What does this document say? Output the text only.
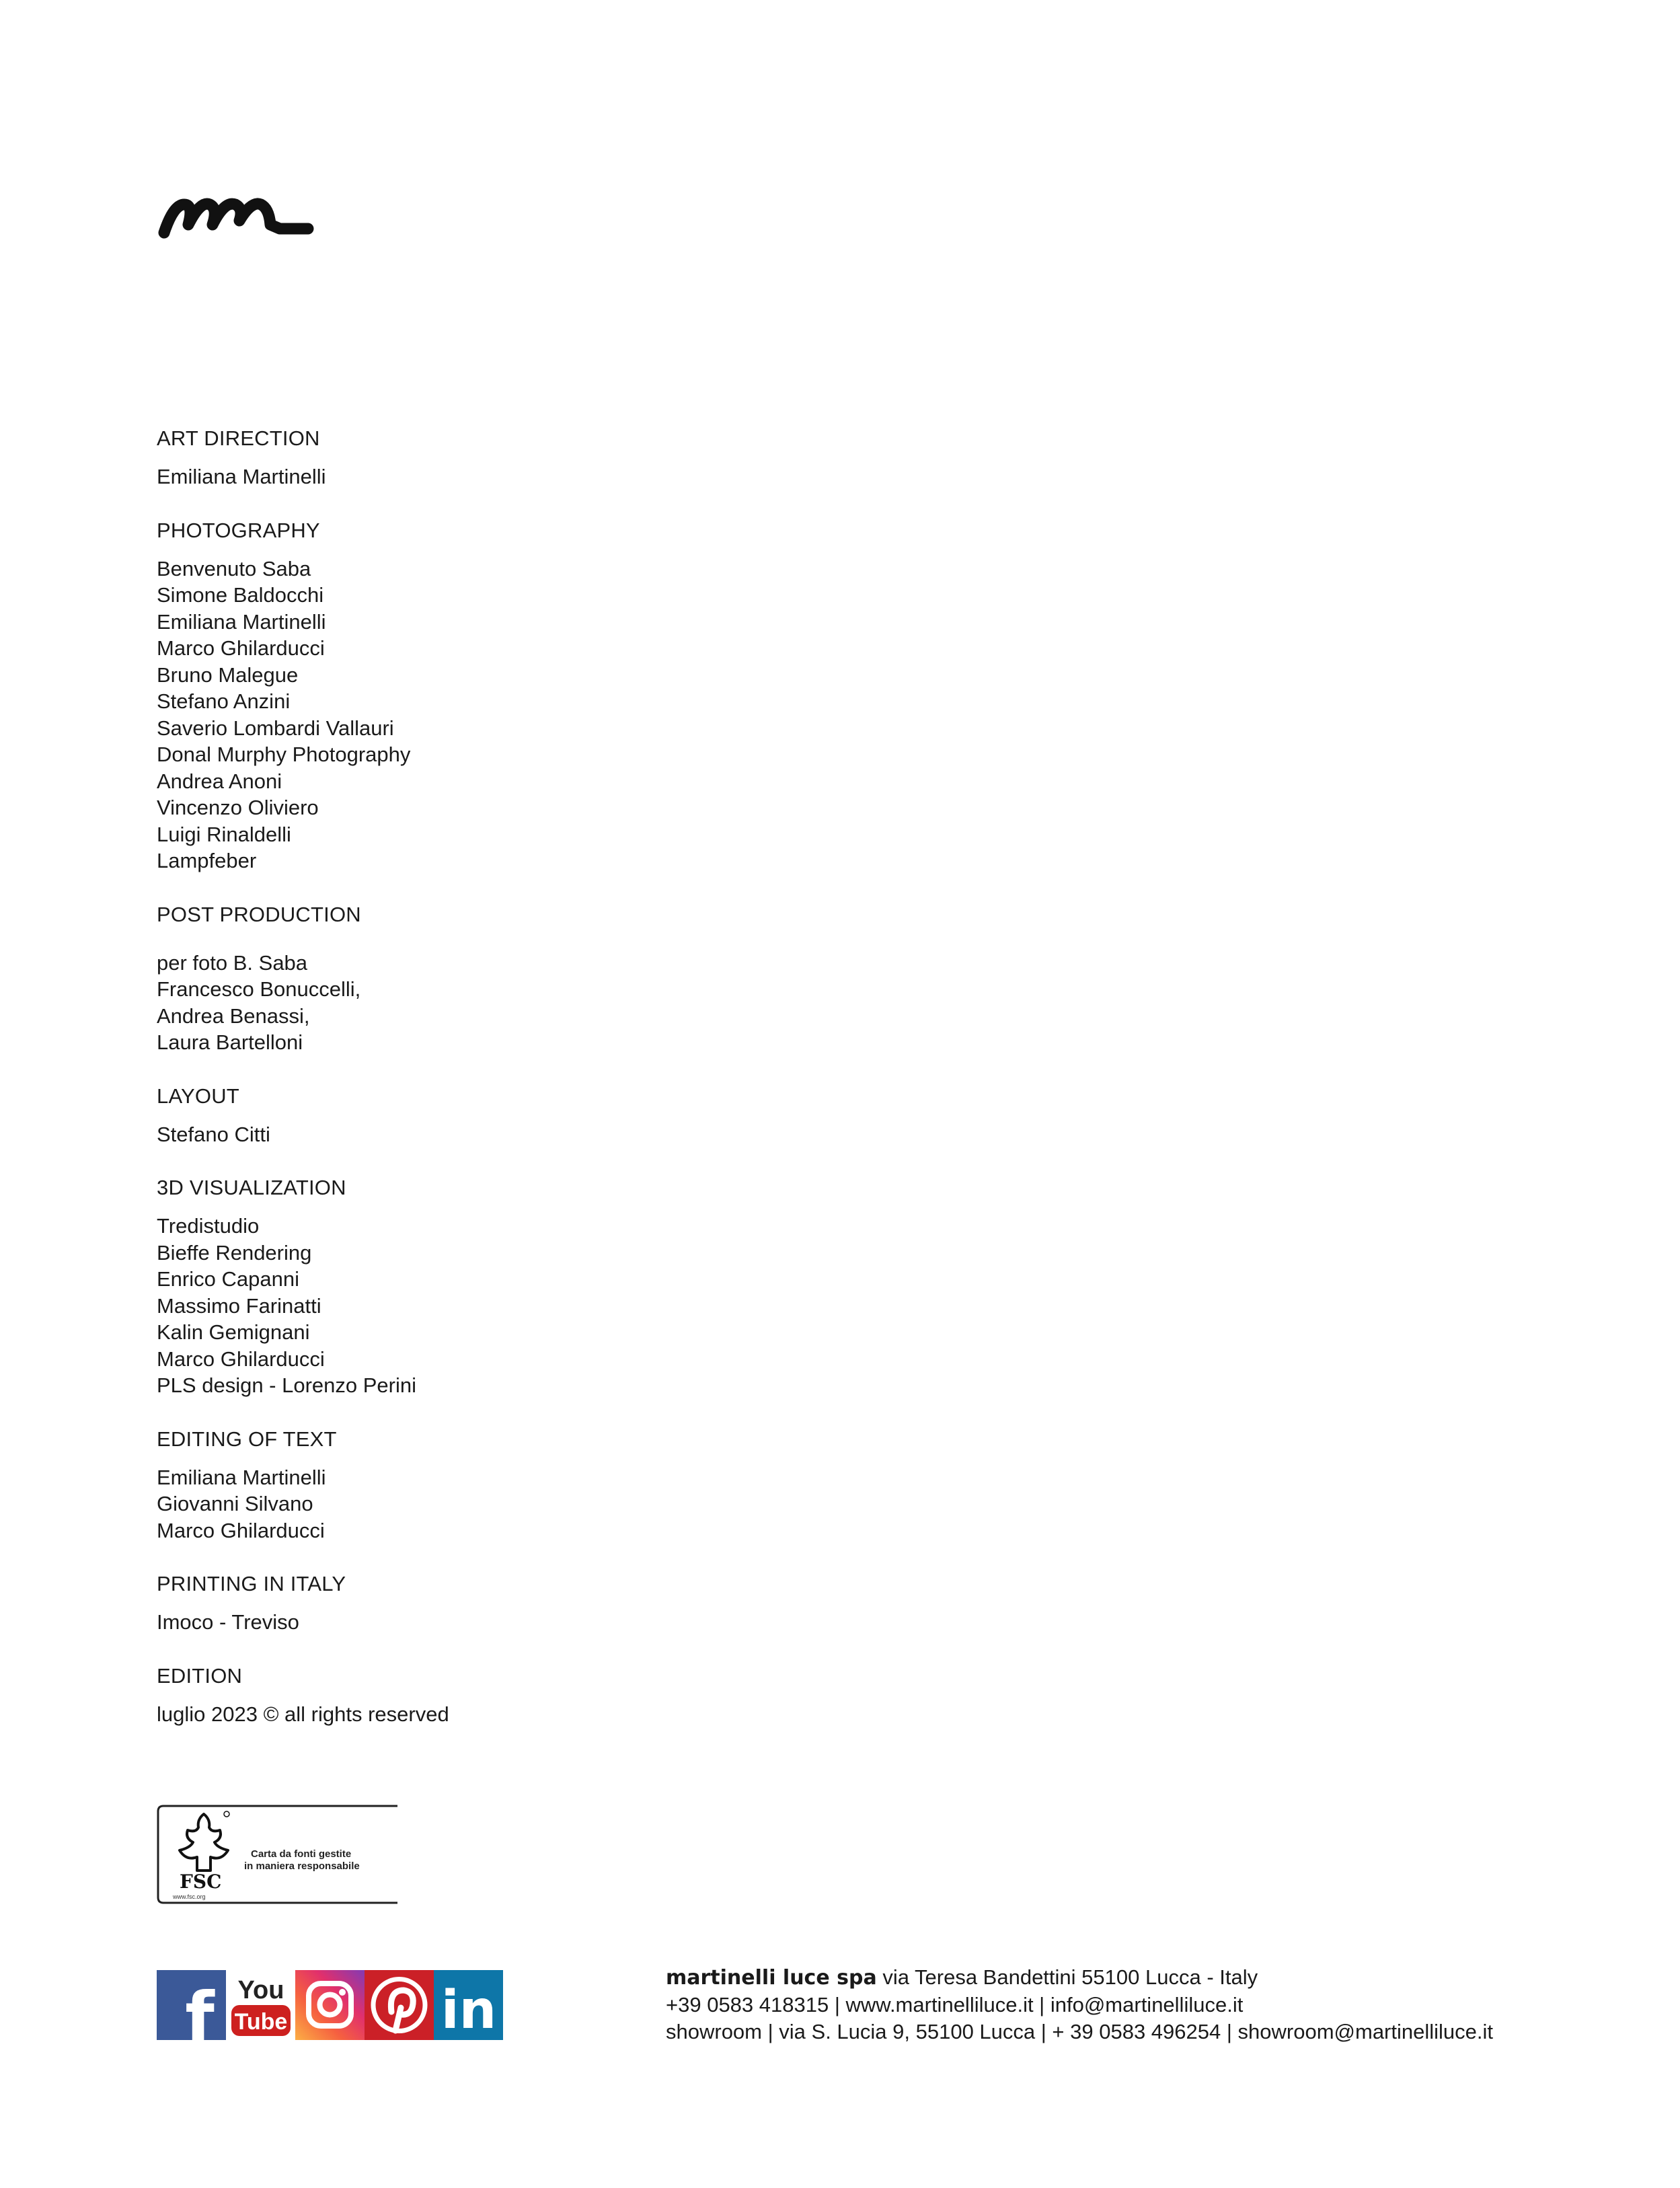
ART DIRECTION
Emiliana Martinelli
PHOTOGRAPHY
Benvenuto Saba
Simone Baldocchi
Emiliana Martinelli
Marco Ghilarducci
Bruno Malegue
Stefano Anzini
Saverio Lombardi Vallauri
Donal Murphy Photography
Andrea Anoni
Vincenzo Oliviero
Luigi Rinaldelli
Lampfeber
POST PRODUCTION
per foto B. Saba
Francesco Bonuccelli,
Andrea Benassi,
Laura Bartelloni
LAYOUT
Stefano Citti
3D VISUALIZATION
Tredistudio
Bieffe Rendering
Enrico Capanni
Massimo Farinatti
Kalin Gemignani
Marco Ghilarducci
PLS design - Lorenzo Perini
EDITING OF TEXT
Emiliana Martinelli
Giovanni Silvano
Marco Ghilarducci
PRINTING IN ITALY
Imoco - Treviso
EDITION
luglio 2023 © all rights reserved
FSC
www.fsc.org
Carta da fonti gestite
in maniera responsabile
f You
Tube	in
martinelli luce spa via Teresa Bandettini 55100 Lucca - Italy
+39 0583 418315 | www.martinelliluce.it | info@martinelliluce.it
showroom | via S. Lucia 9, 55100 Lucca | + 39 0583 496254 | showroom@martinelliluce.it
